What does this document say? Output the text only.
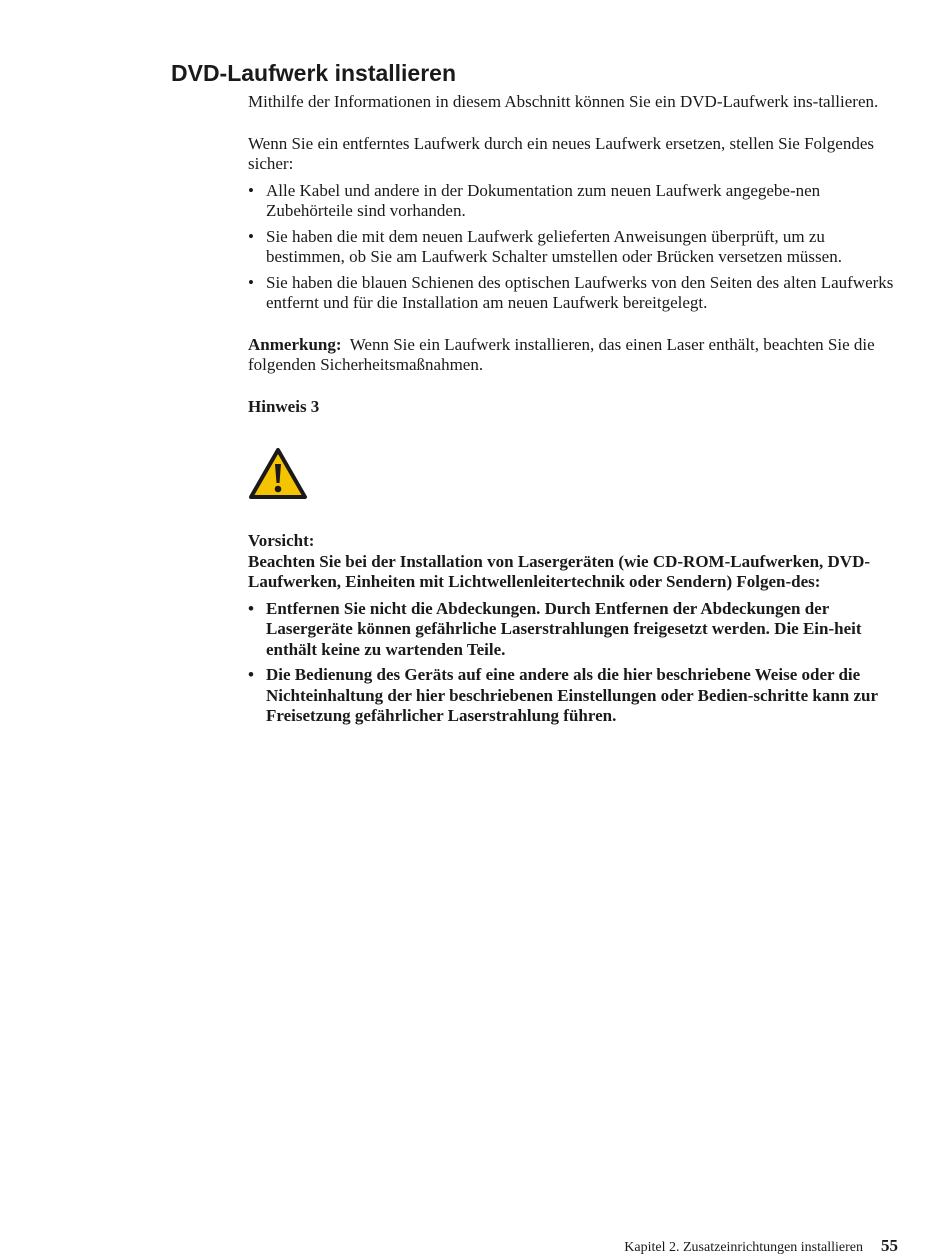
DVD-Laufwerk installieren

Mithilfe der Informationen in diesem Abschnitt können Sie ein DVD-Laufwerk ins-tallieren.

Wenn Sie ein entferntes Laufwerk durch ein neues Laufwerk ersetzen, stellen Sie Folgendes sicher:

• Alle Kabel und andere in der Dokumentation zum neuen Laufwerk angegebe-nen Zubehörteile sind vorhanden.
• Sie haben die mit dem neuen Laufwerk gelieferten Anweisungen überprüft, um zu bestimmen, ob Sie am Laufwerk Schalter umstellen oder Brücken versetzen müssen.
• Sie haben die blauen Schienen des optischen Laufwerks von den Seiten des alten Laufwerks entfernt und für die Installation am neuen Laufwerk bereitgelegt.

Anmerkung: Wenn Sie ein Laufwerk installieren, das einen Laser enthält, beachten Sie die folgenden Sicherheitsmaßnahmen.

Hinweis 3

Vorsicht:

Beachten Sie bei der Installation von Lasergeräten (wie CD-ROM-Laufwerken, DVD-Laufwerken, Einheiten mit Lichtwellenleitertechnik oder Sendern) Folgen-des:

• Entfernen Sie nicht die Abdeckungen. Durch Entfernen der Abdeckungen der Lasergeräte können gefährliche Laserstrahlungen freigesetzt werden. Die Ein-heit enthält keine zu wartenden Teile.
• Die Bedienung des Geräts auf eine andere als die hier beschriebene Weise oder die Nichteinhaltung der hier beschriebenen Einstellungen oder Bedien-schritte kann zur Freisetzung gefährlicher Laserstrahlung führen.
Kapitel 2. Zusatzeinrichtungen installieren 55
